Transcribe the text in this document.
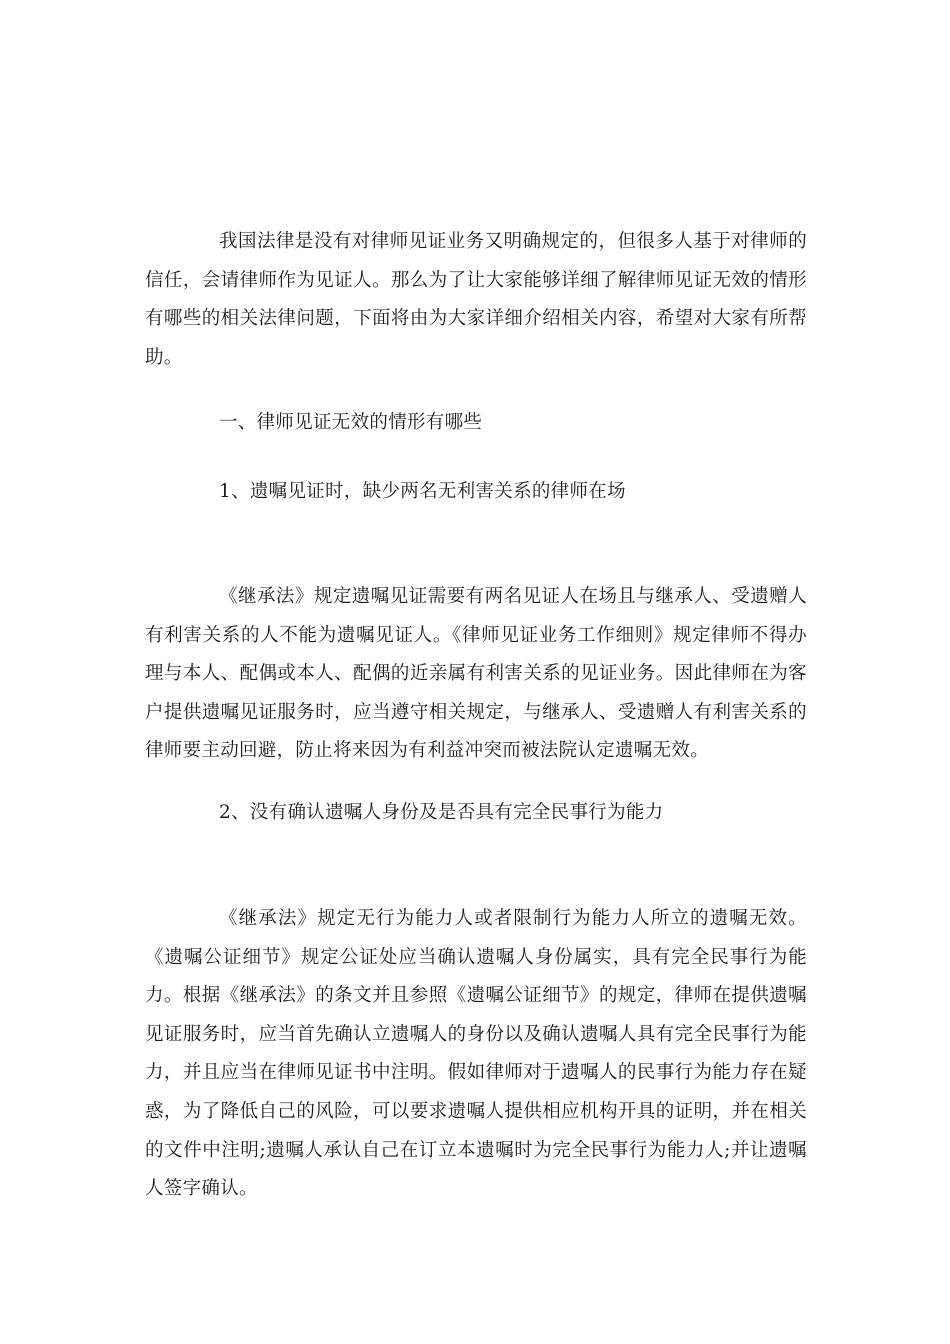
我国法律是没有对律师见证业务又明确规定的，但很多人基于对律师的信任，会请律师作为见证人。那么为了让大家能够详细了解律师见证无效的情形有哪些的相关法律问题，下面将由为大家详细介绍相关内容，希望对大家有所帮助。

一、律师见证无效的情形有哪些

1、遗嘱见证时，缺少两名无利害关系的律师在场

《继承法》规定遗嘱见证需要有两名见证人在场且与继承人、受遗赠人有利害关系的人不能为遗嘱见证人。《律师见证业务工作细则》规定律师不得办理与本人、配偶或本人、配偶的近亲属有利害关系的见证业务。因此律师在为客户提供遗嘱见证服务时，应当遵守相关规定，与继承人、受遗赠人有利害关系的律师要主动回避，防止将来因为有利益冲突而被法院认定遗嘱无效。

2、没有确认遗嘱人身份及是否具有完全民事行为能力

《继承法》规定无行为能力人或者限制行为能力人所立的遗嘱无效。《遗嘱公证细节》规定公证处应当确认遗嘱人身份属实，具有完全民事行为能力。根据《继承法》的条文并且参照《遗嘱公证细节》的规定，律师在提供遗嘱见证服务时，应当首先确认立遗嘱人的身份以及确认遗嘱人具有完全民事行为能力，并且应当在律师见证书中注明。假如律师对于遗嘱人的民事行为能力存在疑惑，为了降低自己的风险，可以要求遗嘱人提供相应机构开具的证明，并在相关的文件中注明;遗嘱人承认自己在订立本遗嘱时为完全民事行为能力人;并让遗嘱人签字确认。
